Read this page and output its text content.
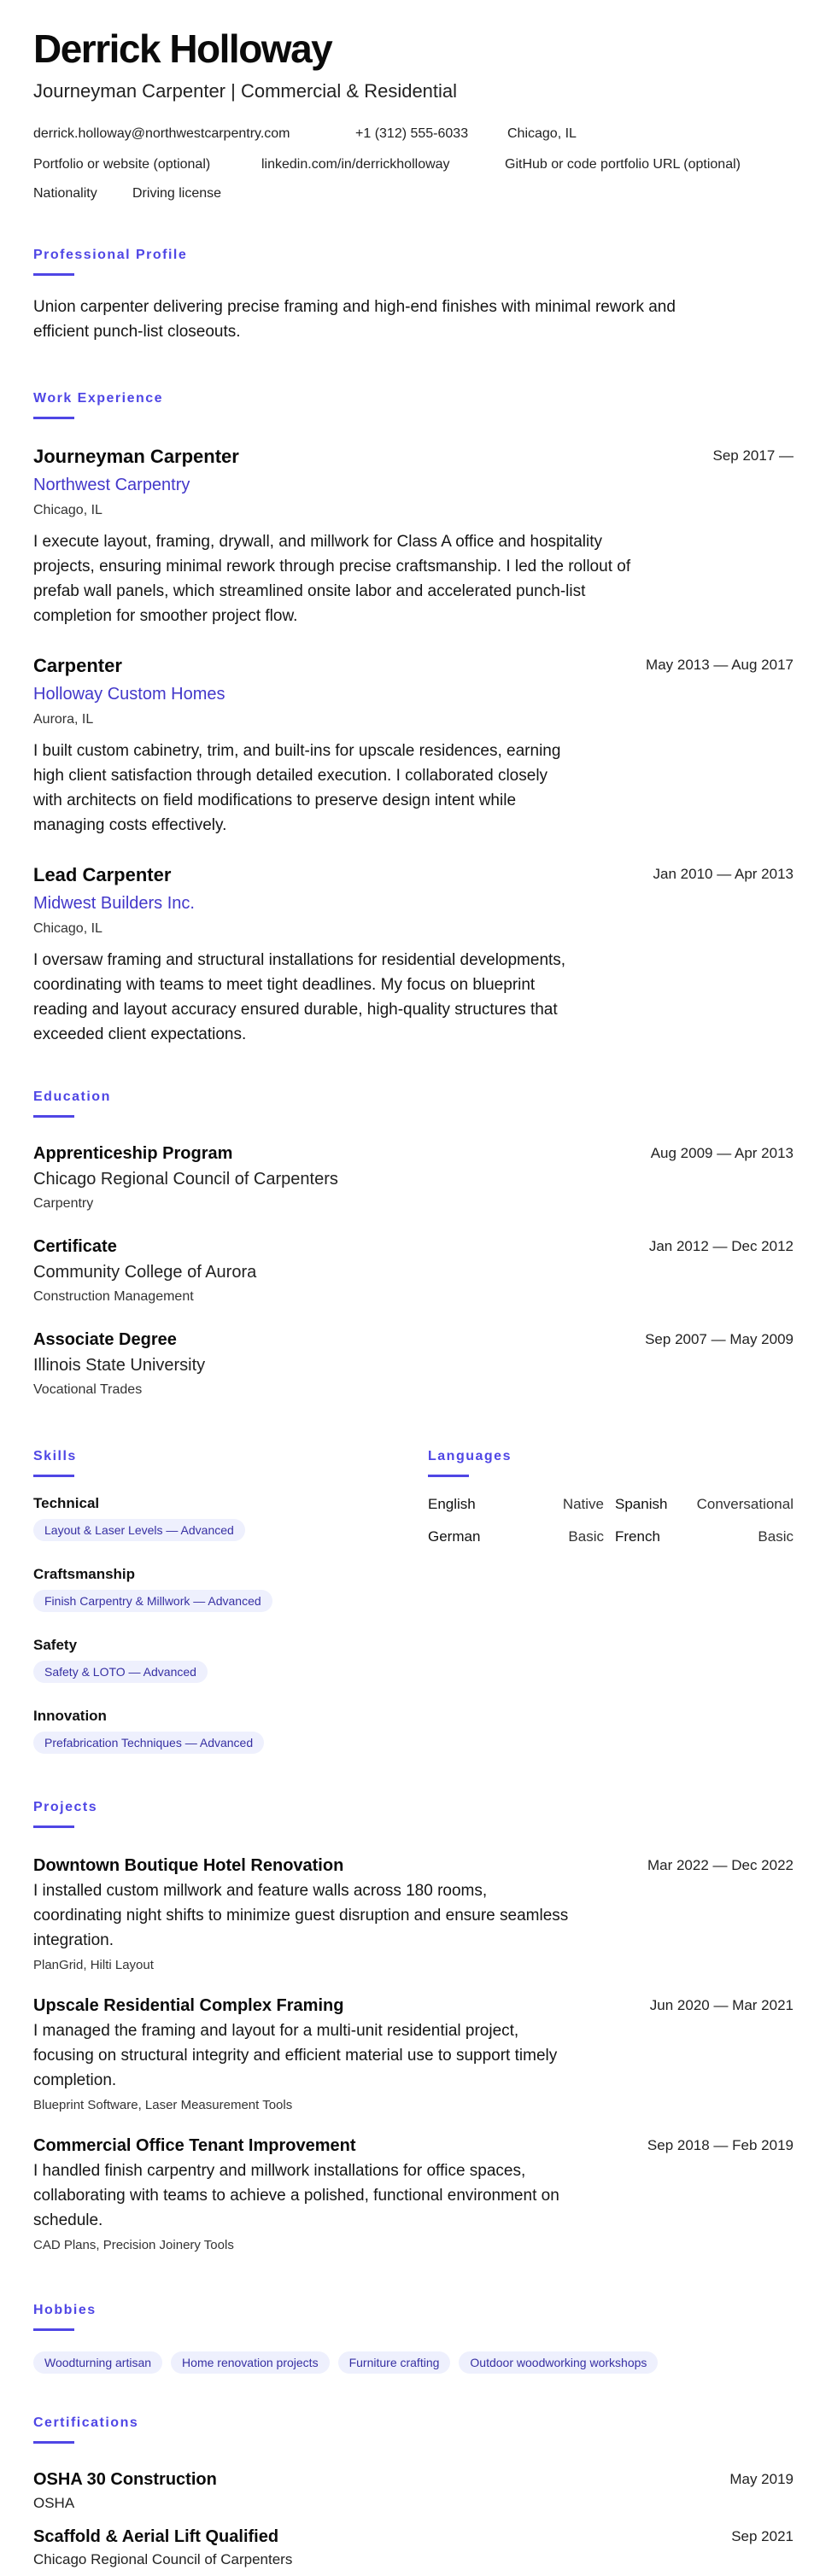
Derrick Holloway
Journeyman Carpenter | Commercial & Residential
derrick.holloway@northwestcarpentry.com	+1 (312) 555-6033	Chicago, IL
Portfolio or website (optional)	linkedin.com/in/derrickholloway	GitHub or code portfolio URL (optional)
Nationality	Driving license
Professional Profile
Union carpenter delivering precise framing and high-end finishes with minimal rework and
efficient punch-list closeouts.
Work Experience
Journeyman Carpenter	Sep 2017 —
Northwest Carpentry
Chicago, IL
I execute layout, framing, drywall, and millwork for Class A office and hospitality
projects, ensuring minimal rework through precise craftsmanship. I led the rollout of
prefab wall panels, which streamlined onsite labor and accelerated punch-list
completion for smoother project flow.
Carpenter	May 2013 — Aug 2017
Holloway Custom Homes
Aurora, IL
I built custom cabinetry, trim, and built-ins for upscale residences, earning
high client satisfaction through detailed execution. I collaborated closely
with architects on field modifications to preserve design intent while
managing costs effectively.
Lead Carpenter	Jan 2010 — Apr 2013
Midwest Builders Inc.
Chicago, IL
I oversaw framing and structural installations for residential developments,
coordinating with teams to meet tight deadlines. My focus on blueprint
reading and layout accuracy ensured durable, high-quality structures that
exceeded client expectations.
Education
Apprenticeship Program	Aug 2009 — Apr 2013
Chicago Regional Council of Carpenters
Carpentry
Certificate	Jan 2012 — Dec 2012
Community College of Aurora
Construction Management
Associate Degree	Sep 2007 — May 2009
Illinois State University
Vocational Trades
Skills
Technical
Layout & Laser Levels — Advanced
Craftsmanship
Finish Carpentry & Millwork — Advanced
Safety
Safety & LOTO — Advanced
Innovation
Prefabrication Techniques — Advanced
Languages
English	Native Spanish	Conversational
German	Basic French	Basic
Projects
Downtown Boutique Hotel Renovation	Mar 2022 — Dec 2022
I installed custom millwork and feature walls across 180 rooms,
coordinating night shifts to minimize guest disruption and ensure seamless
integration.
PlanGrid, Hilti Layout
Upscale Residential Complex Framing	Jun 2020 — Mar 2021
I managed the framing and layout for a multi-unit residential project,
focusing on structural integrity and efficient material use to support timely
completion.
Blueprint Software, Laser Measurement Tools
Commercial Office Tenant Improvement	Sep 2018 — Feb 2019
I handled finish carpentry and millwork installations for office spaces,
collaborating with teams to achieve a polished, functional environment on
schedule.
CAD Plans, Precision Joinery Tools
Hobbies
Woodturning artisan	Home renovation projects	Furniture crafting	Outdoor woodworking workshops
Certifications
OSHA 30 Construction	May 2019
OSHA
Scaffold & Aerial Lift Qualified	Sep 2021
Chicago Regional Council of Carpenters
